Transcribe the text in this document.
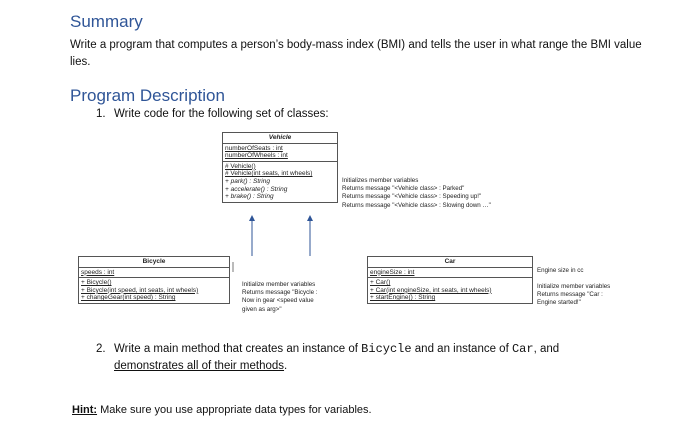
Summary
Write a program that computes a person’s body-mass index (BMI) and tells the user in what range the BMI value lies.
Program Description
1. Write code for the following set of classes:
Vehicle
numberOfSeats : int
numberOfWheels : int
# Vehicle()
# Vehicle(int seats, int wheels)
+ park() : String
+ accelerate() : String
+ brake() : String
Initializes member variables
Returns message "<Vehicle class> : Parked"
Returns message "<Vehicle class> : Speeding up!"
Returns message "<Vehicle class> : Slowing down …"
Bicycle
speeds : int
+ Bicycle()
+ Bicycle(int speed, int seats, int wheels)
+ changeGear(int speed) : String
Initialize member variables
Returns message "Bicycle :
Now in gear <speed value
given as arg>"
Car
engineSize : int
+ Car()
+ Car(int engineSize, int seats, int wheels)
+ startEngine() : String
Engine size in cc
Initialize member variables
Returns message "Car :
Engine started!"
2. Write a main method that creates an instance of Bicycle and an instance of Car, and
demonstrates all of their methods.
Hint: Make sure you use appropriate data types for variables.
